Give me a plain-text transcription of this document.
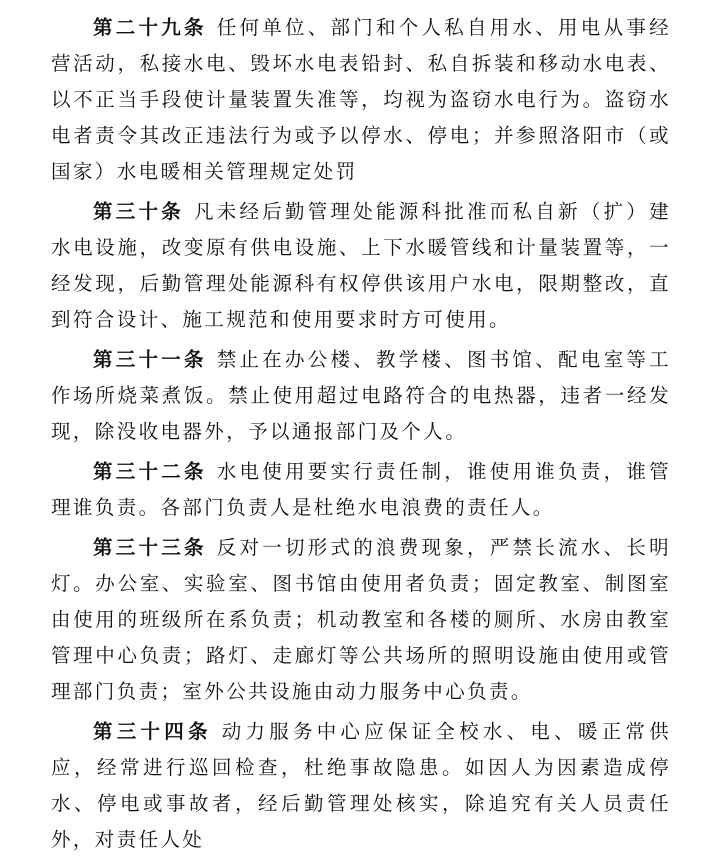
第二十九条 任何单位、部门和个人私自用水、用电从事经营活动，私接水电、毁坏水电表铅封、私自拆装和移动水电表、以不正当手段使计量装置失准等，均视为盗窃水电行为。盗窃水电者责令其改正违法行为或予以停水、停电；并参照洛阳市（或国家）水电暖相关管理规定处罚

第三十条 凡未经后勤管理处能源科批准而私自新（扩）建水电设施，改变原有供电设施、上下水暖管线和计量装置等，一经发现，后勤管理处能源科有权停供该用户水电，限期整改，直到符合设计、施工规范和使用要求时方可使用。

第三十一条 禁止在办公楼、教学楼、图书馆、配电室等工作场所烧菜煮饭。禁止使用超过电路符合的电热器，违者一经发现，除没收电器外，予以通报部门及个人。

第三十二条 水电使用要实行责任制，谁使用谁负责，谁管理谁负责。各部门负责人是杜绝水电浪费的责任人。

第三十三条 反对一切形式的浪费现象，严禁长流水、长明灯。办公室、实验室、图书馆由使用者负责；固定教室、制图室由使用的班级所在系负责；机动教室和各楼的厕所、水房由教室管理中心负责；路灯、走廊灯等公共场所的照明设施由使用或管理部门负责；室外公共设施由动力服务中心负责。

第三十四条 动力服务中心应保证全校水、电、暖正常供应，经常进行巡回检查，杜绝事故隐患。如因人为因素造成停水、停电或事故者，经后勤管理处核实，除追究有关人员责任外，对责任人处
